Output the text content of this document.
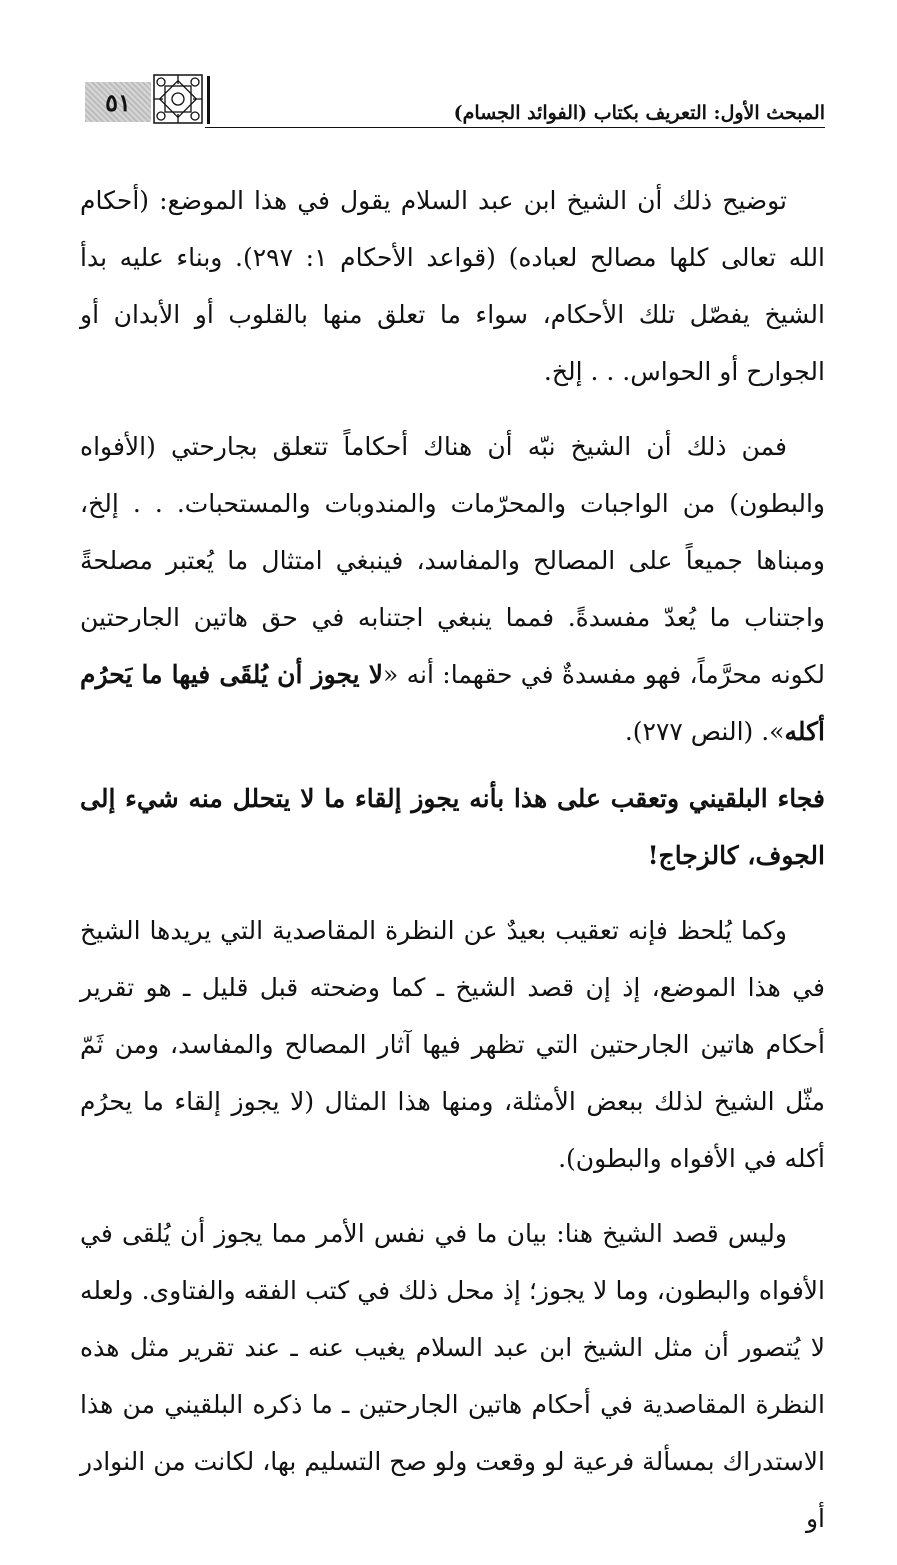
٥١	المبحث الأول: التعريف بكتاب (الفوائد الجسام)

توضيح ذلك أن الشيخ ابن عبد السلام يقول في هذا الموضع: (أحكام الله تعالى كلها مصالح لعباده) (قواعد الأحكام ١: ٢٩٧). وبناء عليه بدأ الشيخ يفصّل تلك الأحكام، سواء ما تعلق منها بالقلوب أو الأبدان أو الجوارح أو الحواس. . . إلخ.

فمن ذلك أن الشيخ نبّه أن هناك أحكاماً تتعلق بجارحتي (الأفواه والبطون) من الواجبات والمحرّمات والمندوبات والمستحبات. . . إلخ، ومبناها جميعاً على المصالح والمفاسد، فينبغي امتثال ما يُعتبر مصلحةً واجتناب ما يُعدّ مفسدةً. فمما ينبغي اجتنابه في حق هاتين الجارحتين لكونه محرَّماً، فهو مفسدةٌ في حقهما: أنه «لا يجوز أن يُلقَى فيها ما يَحرُم أكله». (النص ٢٧٧).

فجاء البلقيني وتعقب على هذا بأنه يجوز إلقاء ما لا يتحلل منه شيء إلى الجوف، كالزجاج!

وكما يُلحظ فإنه تعقيب بعيدٌ عن النظرة المقاصدية التي يريدها الشيخ في هذا الموضع، إذ إن قصد الشيخ ـ كما وضحته قبل قليل ـ هو تقرير أحكام هاتين الجارحتين التي تظهر فيها آثار المصالح والمفاسد، ومن ثَمّ مثّل الشيخ لذلك ببعض الأمثلة، ومنها هذا المثال (لا يجوز إلقاء ما يحرُم أكله في الأفواه والبطون).

وليس قصد الشيخ هنا: بيان ما في نفس الأمر مما يجوز أن يُلقى في الأفواه والبطون، وما لا يجوز؛ إذ محل ذلك في كتب الفقه والفتاوى. ولعله لا يُتصور أن مثل الشيخ ابن عبد السلام يغيب عنه ـ عند تقرير مثل هذه النظرة المقاصدية في أحكام هاتين الجارحتين ـ ما ذكره البلقيني من هذا الاستدراك بمسألة فرعية لو وقعت ولو صح التسليم بها، لكانت من النوادر أو
